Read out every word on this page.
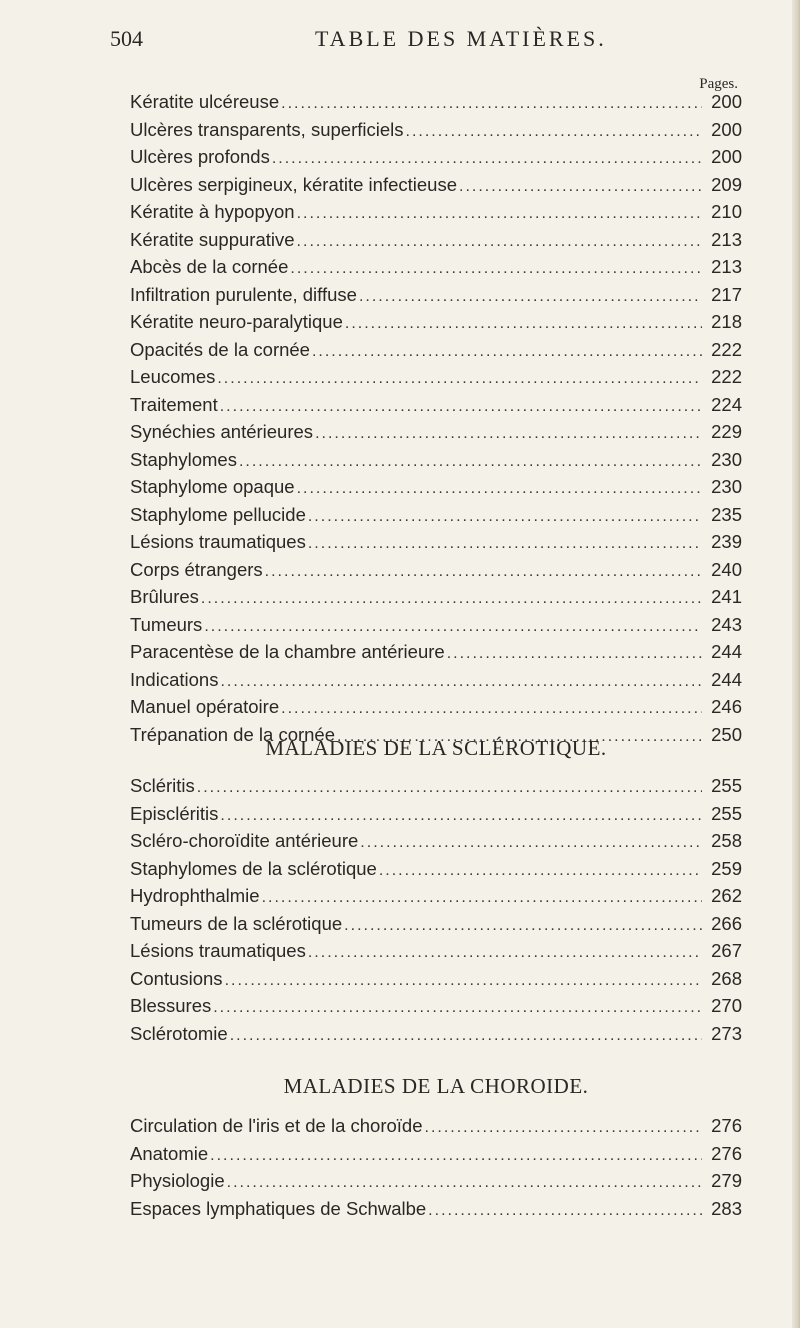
504	TABLE DES MATIÈRES.
Pages.
Kératite ulcéreuse .....	200
Ulcères transparents, superficiels .....	200
Ulcères profonds .....	200
Ulcères serpigineux, kératite infectieuse .....	209
Kératite à hypopyon .....	210
Kératite suppurative .....	213
Abcès de la cornée .....	213
Infiltration purulente, diffuse .....	217
Kératite neuro-paralytique .....	218
Opacités de la cornée .....	222
Leucomes .....	222
Traitement .....	224
Synéchies antérieures .....	229
Staphylomes .....	230
Staphylome opaque .....	230
Staphylome pellucide .....	235
Lésions traumatiques .....	239
Corps étrangers .....	240
Brûlures .....	241
Tumeurs .....	243
Paracentèse de la chambre antérieure .....	244
Indications .....	244
Manuel opératoire .....	246
Trépanation de la cornée .....	250
MALADIES DE LA SCLÉROTIQUE.
Scléritis .....	255
Episcléritis .....	255
Scléro-choroïdite antérieure .....	258
Staphylomes de la sclérotique .....	259
Hydrophthalmie .....	262
Tumeurs de la sclérotique .....	266
Lésions traumatiques .....	267
Contusions .....	268
Blessures .....	270
Sclérotomie .....	273
MALADIES DE LA CHOROIDE.
Circulation de l'iris et de la choroïde .....	276
Anatomie .....	276
Physiologie .....	279
Espaces lymphatiques de Schwalbe .....	283
